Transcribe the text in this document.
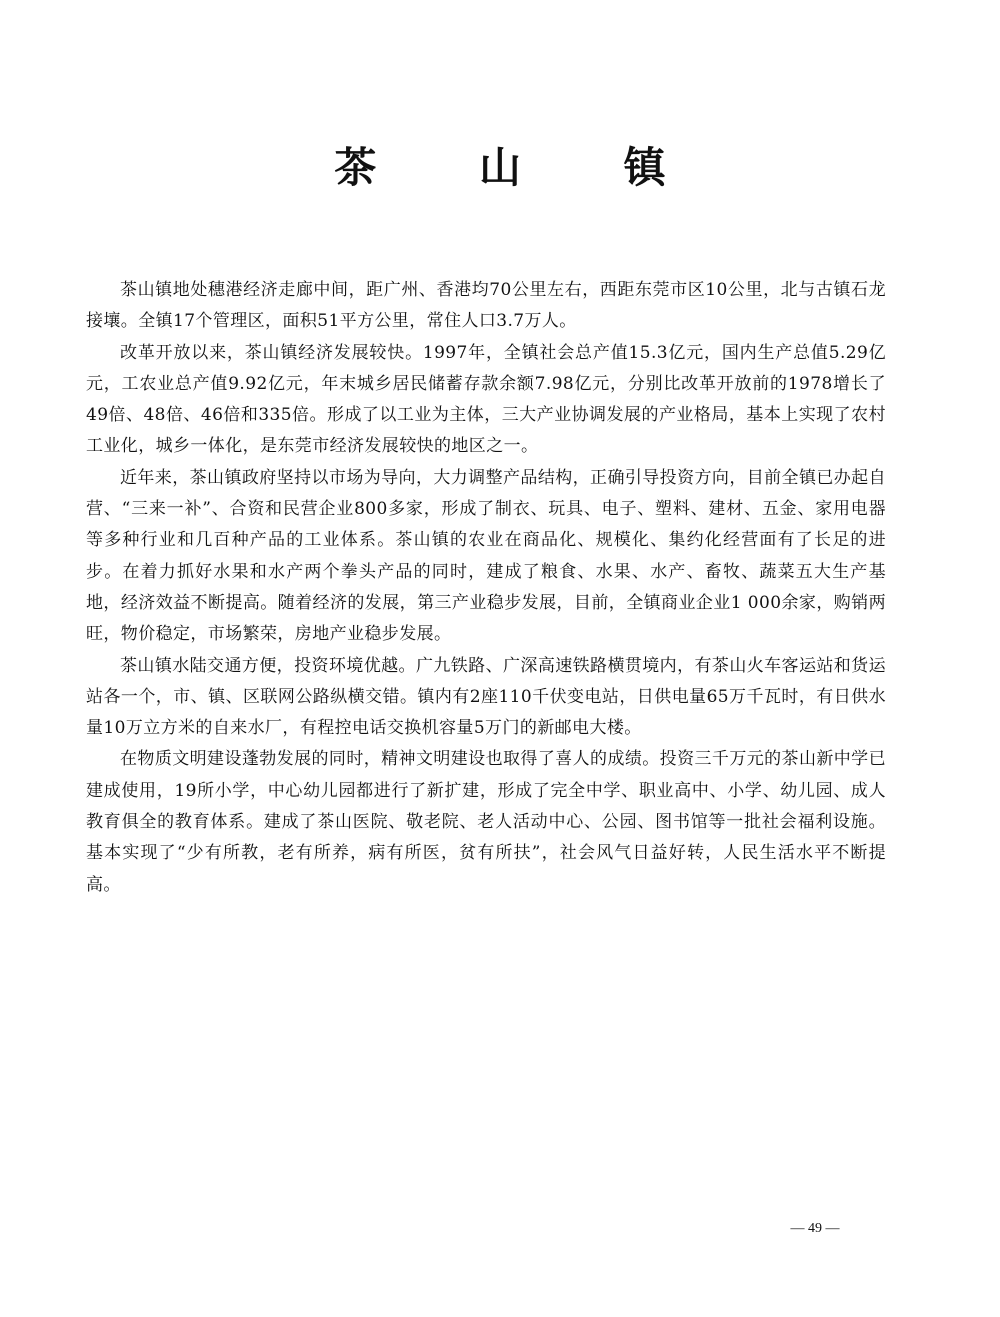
茶 山 镇

茶山镇地处穗港经济走廊中间，距广州、香港均70公里左右，西距东莞市区10公里，北与古镇石龙接壤。全镇17个管理区，面积51平方公里，常住人口3.7万人。

改革开放以来，茶山镇经济发展较快。1997年，全镇社会总产值15.3亿元，国内生产总值5.29亿元，工农业总产值9.92亿元，年末城乡居民储蓄存款余额7.98亿元，分别比改革开放前的1978增长了49倍、48倍、46倍和335倍。形成了以工业为主体，三大产业协调发展的产业格局，基本上实现了农村工业化，城乡一体化，是东莞市经济发展较快的地区之一。

近年来，茶山镇政府坚持以市场为导向，大力调整产品结构，正确引导投资方向，目前全镇已办起自营、“三来一补”、合资和民营企业800多家，形成了制衣、玩具、电子、塑料、建材、五金、家用电器等多种行业和几百种产品的工业体系。茶山镇的农业在商品化、规模化、集约化经营面有了长足的进步。在着力抓好水果和水产两个拳头产品的同时，建成了粮食、水果、水产、畜牧、蔬菜五大生产基地，经济效益不断提高。随着经济的发展，第三产业稳步发展，目前，全镇商业企业1 000余家，购销两旺，物价稳定，市场繁荣，房地产业稳步发展。

茶山镇水陆交通方便，投资环境优越。广九铁路、广深高速铁路横贯境内，有茶山火车客运站和货运站各一个，市、镇、区联网公路纵横交错。镇内有2座110千伏变电站，日供电量65万千瓦时，有日供水量10万立方米的自来水厂，有程控电话交换机容量5万门的新邮电大楼。

在物质文明建设蓬勃发展的同时，精神文明建设也取得了喜人的成绩。投资三千万元的茶山新中学已建成使用，19所小学，中心幼儿园都进行了新扩建，形成了完全中学、职业高中、小学、幼儿园、成人教育俱全的教育体系。建成了茶山医院、敬老院、老人活动中心、公园、图书馆等一批社会福利设施。基本实现了“少有所教，老有所养，病有所医，贫有所扶”，社会风气日益好转，人民生活水平不断提高。

— 49 —
